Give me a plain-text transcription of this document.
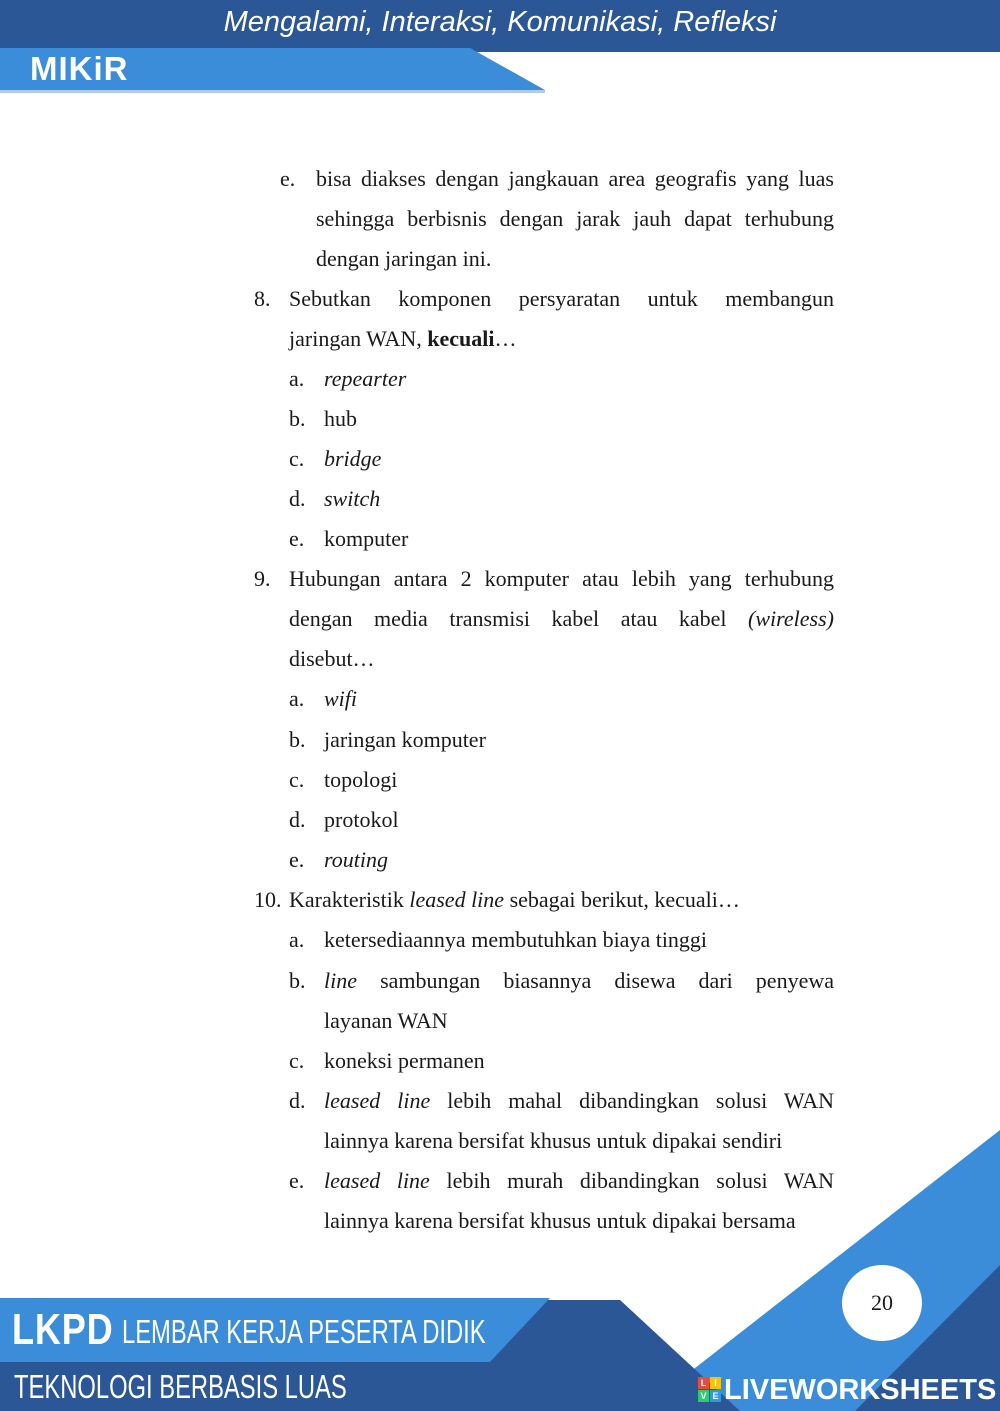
Mengalami, Interaksi, Komunikasi, Refleksi
MIKiR
e. bisa diakses dengan jangkauan area geografis yang luas
sehingga berbisnis dengan jarak jauh dapat terhubung
dengan jaringan ini.
8. Sebutkan komponen persyaratan untuk membangun
jaringan WAN, kecuali…
a. repearter
b. hub
c. bridge
d. switch
e. komputer
9. Hubungan antara 2 komputer atau lebih yang terhubung
dengan media transmisi kabel atau kabel (wireless)
disebut…
a. wifi
b. jaringan komputer
c. topologi
d. protokol
e. routing
10. Karakteristik leased line sebagai berikut, kecuali…
a. ketersediaannya membutuhkan biaya tinggi
b. line sambungan biasannya disewa dari penyewa
layanan WAN
c. koneksi permanen
d. leased line lebih mahal dibandingkan solusi WAN
lainnya karena bersifat khusus untuk dipakai sendiri
e. leased line lebih murah dibandingkan solusi WAN
lainnya karena bersifat khusus untuk dipakai bersama
LKPD LEMBAR KERJA PESERTA DIDIK
TEKNOLOGI BERBASIS LUAS
20
L I
V E LIVEWORKSHEETS
